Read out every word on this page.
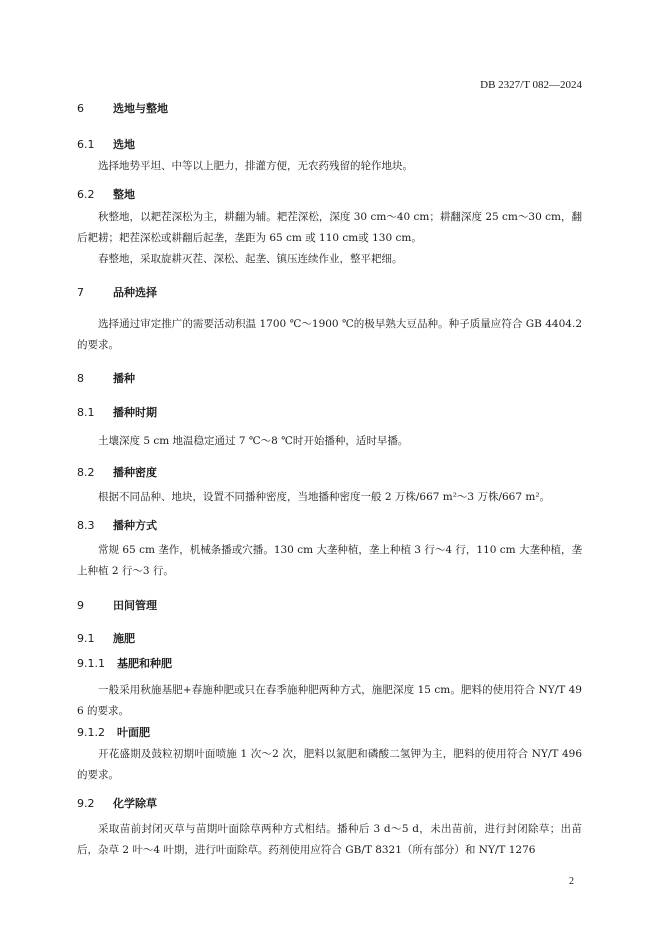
DB 2327/T 082—2024
6	选地与整地
6.1 选地
选择地势平坦、中等以上肥力，排灌方便，无农药残留的轮作地块。
6.2 整地
秋整地，以耙茬深松为主，耕翻为辅。耙茬深松，深度 30 cm～40 cm；耕翻深度 25 cm～30 cm，翻后耙耢；耙茬深松或耕翻后起垄，垄距为 65 cm 或 110 cm或 130 cm。
春整地，采取旋耕灭茬、深松、起垄、镇压连续作业，整平耙细。
7	品种选择
选择通过审定推广的需要活动积温 1700 ℃～1900 ℃的极早熟大豆品种。种子质量应符合 GB 4404.2 的要求。
8	播种
8.1 播种时期
土壤深度 5 cm 地温稳定通过 7 ℃～8 ℃时开始播种，适时早播。
8.2 播种密度
根据不同品种、地块，设置不同播种密度，当地播种密度一般 2 万株/667 m²～3 万株/667 m²。
8.3 播种方式
常规 65 cm 垄作，机械条播或穴播。130 cm 大垄种植，垄上种植 3 行～4 行，110 cm 大垄种植，垄上种植 2 行～3 行。
9	田间管理
9.1 施肥
9.1.1 基肥和种肥
一般采用秋施基肥+春施种肥或只在春季施种肥两种方式，施肥深度 15 cm。肥料的使用符合 NY/T 496 的要求。
9.1.2 叶面肥
开花盛期及鼓粒初期叶面喷施 1 次～2 次，肥料以氮肥和磷酸二氢钾为主，肥料的使用符合 NY/T 496 的要求。
9.2 化学除草
采取苗前封闭灭草与苗期叶面除草两种方式相结。播种后 3 d～5 d，未出苗前，进行封闭除草；出苗后，杂草 2 叶～4 叶期，进行叶面除草。药剂使用应符合 GB/T 8321（所有部分）和 NY/T 1276
2
